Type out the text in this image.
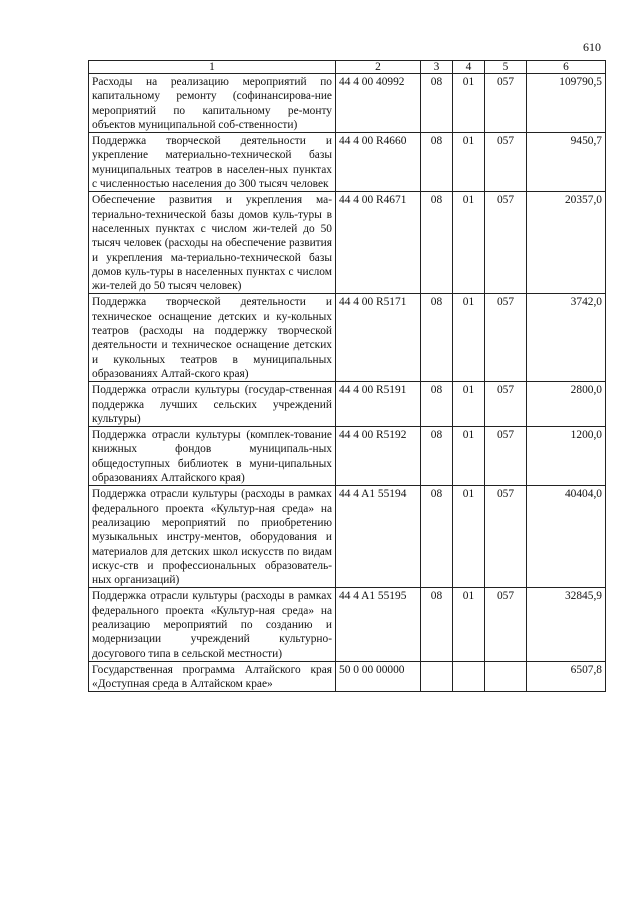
610
1	2	3	4	5	6
Расходы на реализацию мероприятий по капитальному ремонту (софинансирова-ние мероприятий по капитальному ре-монту объектов муниципальной соб-ственности)	44 4 00 40992	08	01	057	109790,5
Поддержка творческой деятельности и укрепление материально-технической базы муниципальных театров в населен-ных пунктах с численностью населения до 300 тысяч человек	44 4 00 R4660	08	01	057	9450,7
Обеспечение развития и укрепления ма-териально-технической базы домов куль-туры в населенных пунктах с числом жи-телей до 50 тысяч человек (расходы на обеспечение развития и укрепления ма-териально-технической базы домов куль-туры в населенных пунктах с числом жи-телей до 50 тысяч человек)	44 4 00 R4671	08	01	057	20357,0
Поддержка творческой деятельности и техническое оснащение детских и ку-кольных театров (расходы на поддержку творческой деятельности и техническое оснащение детских и кукольных театров в муниципальных образованиях Алтай-ского края)	44 4 00 R5171	08	01	057	3742,0
Поддержка отрасли культуры (государ-ственная поддержка лучших сельских учреждений культуры)	44 4 00 R5191	08	01	057	2800,0
Поддержка отрасли культуры (комплек-тование книжных фондов муниципаль-ных общедоступных библиотек в муни-ципальных образованиях Алтайского края)	44 4 00 R5192	08	01	057	1200,0
Поддержка отрасли культуры (расходы в рамках федерального проекта «Культур-ная среда» на реализацию мероприятий по приобретению музыкальных инстру-ментов, оборудования и материалов для детских школ искусств по видам искус-ств и профессиональных образователь-ных организаций)	44 4 A1 55194	08	01	057	40404,0
Поддержка отрасли культуры (расходы в рамках федерального проекта «Культур-ная среда» на реализацию мероприятий по созданию и модернизации учреждений культурно-досугового типа в сельской местности)	44 4 A1 55195	08	01	057	32845,9
Государственная программа Алтайского края «Доступная среда в Алтайском крае»	50 0 00 00000				6507,8
